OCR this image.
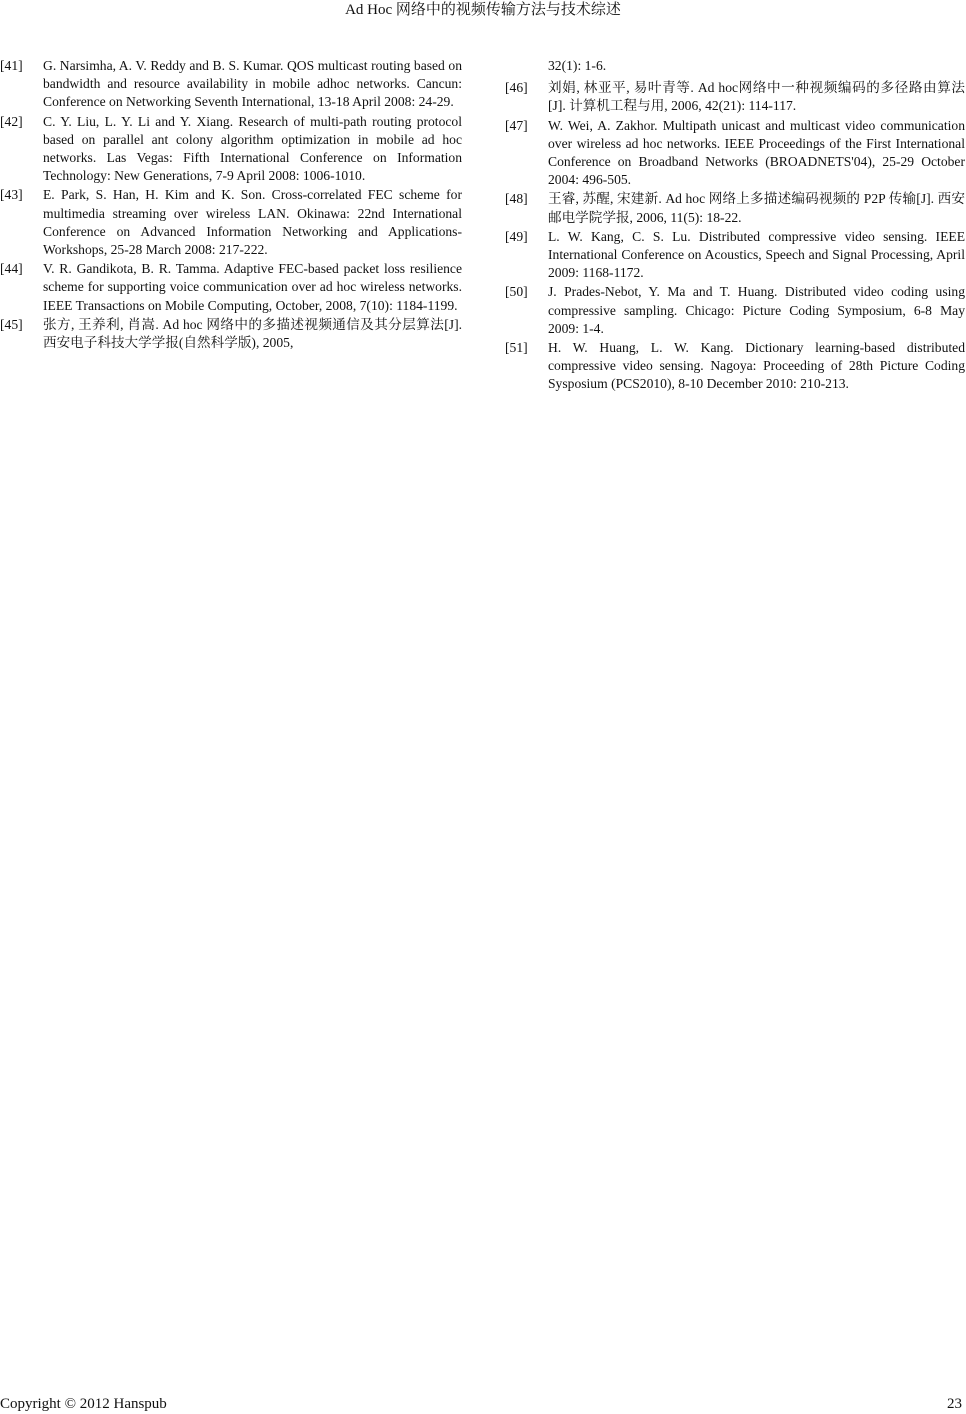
Ad Hoc 网络中的视频传输方法与技术综述
[41]	G. Narsimha, A. V. Reddy and B. S. Kumar. QOS multicast routing based on bandwidth and resource availability in mobile adhoc networks. Cancun: Conference on Networking Seventh International, 13-18 April 2008: 24-29.
[42]	C. Y. Liu, L. Y. Li and Y. Xiang. Research of multi-path routing protocol based on parallel ant colony algorithm optimization in mobile ad hoc networks. Las Vegas: Fifth International Conference on Information Technology: New Generations, 7-9 April 2008: 1006-1010.
[43]	E. Park, S. Han, H. Kim and K. Son. Cross-correlated FEC scheme for multimedia streaming over wireless LAN. Okinawa: 22nd International Conference on Advanced Information Networking and Applications-Workshops, 25-28 March 2008: 217-222.
[44]	V. R. Gandikota, B. R. Tamma. Adaptive FEC-based packet loss resilience scheme for supporting voice communication over ad hoc wireless networks. IEEE Transactions on Mobile Computing, October, 2008, 7(10): 1184-1199.
[45]	张方, 王养利, 肖嵩. Ad hoc 网络中的多描述视频通信及其分层算法[J]. 西安电子科技大学学报(自然科学版), 2005,
32(1): 1-6.
[46]	刘娟, 林亚平, 易叶青等. Ad hoc网络中一种视频编码的多径路由算法[J]. 计算机工程与用, 2006, 42(21): 114-117.
[47]	W. Wei, A. Zakhor. Multipath unicast and multicast video communication over wireless ad hoc networks. IEEE Proceedings of the First International Conference on Broadband Networks (BROADNETS'04), 25-29 October 2004: 496-505.
[48]	王睿, 苏醒, 宋建新. Ad hoc 网络上多描述编码视频的 P2P 传输[J]. 西安邮电学院学报, 2006, 11(5): 18-22.
[49]	L. W. Kang, C. S. Lu. Distributed compressive video sensing. IEEE International Conference on Acoustics, Speech and Signal Processing, April 2009: 1168-1172.
[50]	J. Prades-Nebot, Y. Ma and T. Huang. Distributed video coding using compressive sampling. Chicago: Picture Coding Symposium, 6-8 May 2009: 1-4.
[51]	H. W. Huang, L. W. Kang. Dictionary learning-based distributed compressive video sensing. Nagoya: Proceeding of 28th Picture Coding Sysposium (PCS2010), 8-10 December 2010: 210-213.
Copyright © 2012 Hanspub	23
